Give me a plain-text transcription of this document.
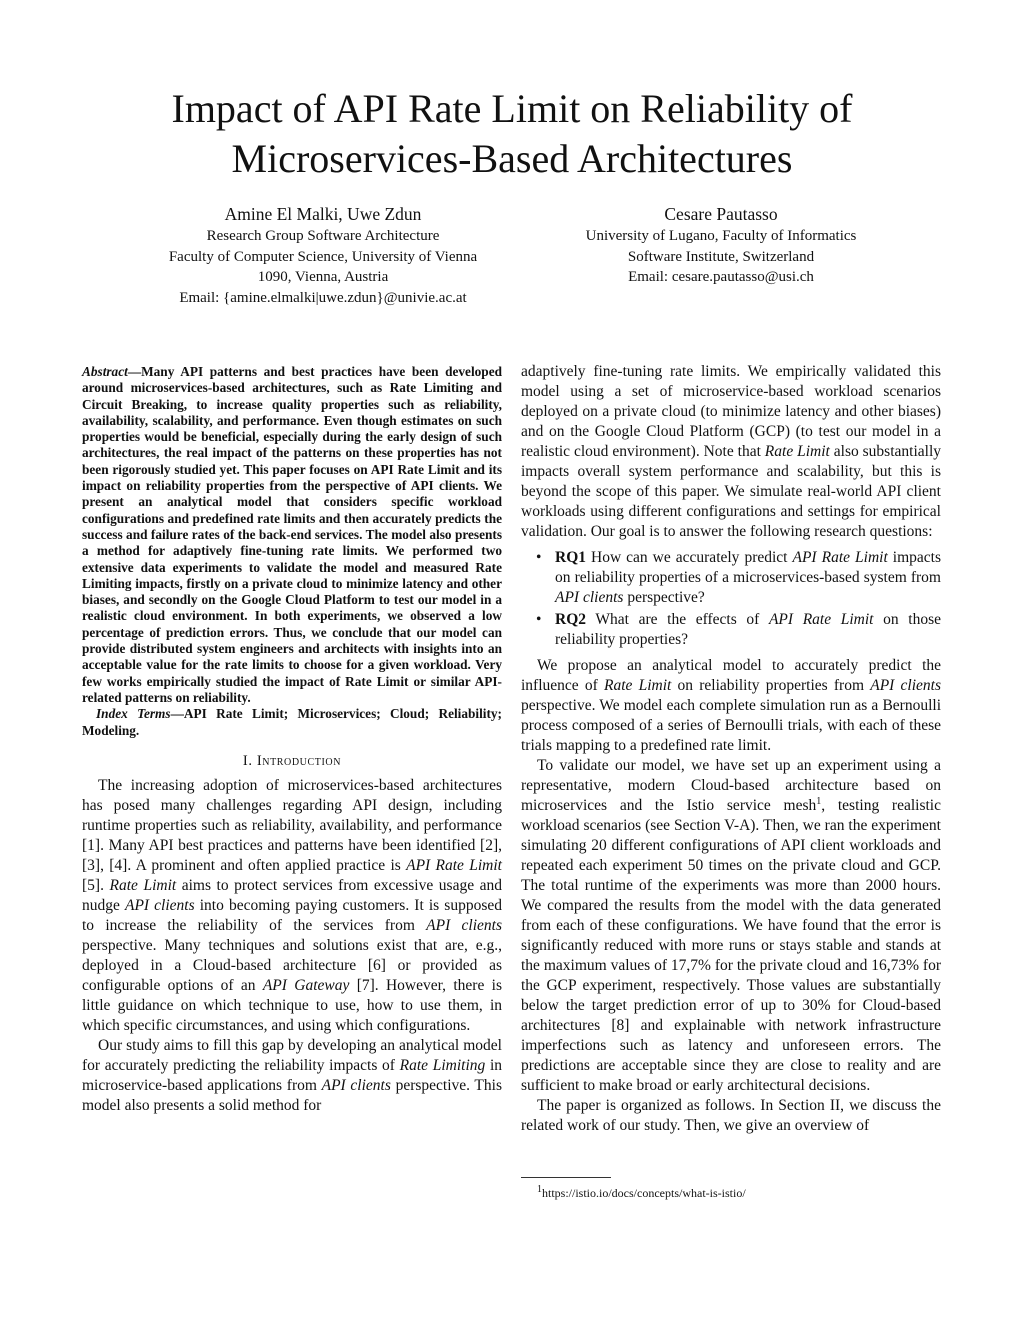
Impact of API Rate Limit on Reliability of
Microservices-Based Architectures
Amine El Malki, Uwe Zdun
Research Group Software Architecture
Faculty of Computer Science, University of Vienna
1090, Vienna, Austria
Email: {amine.elmalki|uwe.zdun}@univie.ac.at
Cesare Pautasso
University of Lugano, Faculty of Informatics
Software Institute, Switzerland
Email: cesare.pautasso@usi.ch

Abstract—Many API patterns and best practices have been developed around microservices-based architectures, such as Rate Limiting and Circuit Breaking, to increase quality properties such as reliability, availability, scalability, and performance. Even though estimates on such properties would be beneficial, especially during the early design of such architectures, the real impact of the patterns on these properties has not been rigorously studied yet. This paper focuses on API Rate Limit and its impact on reliability properties from the perspective of API clients. We present an analytical model that considers specific workload configurations and predefined rate limits and then accurately predicts the success and failure rates of the back-end services. The model also presents a method for adaptively fine-tuning rate limits. We performed two extensive data experiments to validate the model and measured Rate Limiting impacts, firstly on a private cloud to minimize latency and other biases, and secondly on the Google Cloud Platform to test our model in a realistic cloud environment. In both experiments, we observed a low percentage of prediction errors. Thus, we conclude that our model can provide distributed system engineers and architects with insights into an acceptable value for the rate limits to choose for a given workload. Very few works empirically studied the impact of Rate Limit or similar API-related patterns on reliability.

Index Terms—API Rate Limit; Microservices; Cloud; Reliability; Modeling.

I. Introduction

The increasing adoption of microservices-based architectures has posed many challenges regarding API design, including runtime properties such as reliability, availability, and performance [1]. Many API best practices and patterns have been identified [2], [3], [4]. A prominent and often applied practice is API Rate Limit [5]. Rate Limit aims to protect services from excessive usage and nudge API clients into becoming paying customers. It is supposed to increase the reliability of the services from API clients perspective. Many techniques and solutions exist that are, e.g., deployed in a Cloud-based architecture [6] or provided as configurable options of an API Gateway [7]. However, there is little guidance on which technique to use, how to use them, in which specific circumstances, and using which configurations.

Our study aims to fill this gap by developing an analytical model for accurately predicting the reliability impacts of Rate Limiting in microservice-based applications from API clients perspective. This model also presents a solid method for

adaptively fine-tuning rate limits. We empirically validated this model using a set of microservice-based workload scenarios deployed on a private cloud (to minimize latency and other biases) and on the Google Cloud Platform (GCP) (to test our model in a realistic cloud environment). Note that Rate Limit also substantially impacts overall system performance and scalability, but this is beyond the scope of this paper. We simulate real-world API client workloads using different configurations and settings for empirical validation. Our goal is to answer the following research questions:

• RQ1 How can we accurately predict API Rate Limit impacts on reliability properties of a microservices-based system from API clients perspective?
• RQ2 What are the effects of API Rate Limit on those reliability properties?

We propose an analytical model to accurately predict the influence of Rate Limit on reliability properties from API clients perspective. We model each complete simulation run as a Bernoulli process composed of a series of Bernoulli trials, with each of these trials mapping to a predefined rate limit.

To validate our model, we have set up an experiment using a representative, modern Cloud-based architecture based on microservices and the Istio service mesh$^1$, testing realistic workload scenarios (see Section V-A). Then, we ran the experiment simulating 20 different configurations of API client workloads and repeated each experiment 50 times on the private cloud and GCP. The total runtime of the experiments was more than 2000 hours. We compared the results from the model with the data generated from each of these configurations. We have found that the error is significantly reduced with more runs or stays stable and stands at the maximum values of 17,7% for the private cloud and 16,73% for the GCP experiment, respectively. Those values are substantially below the target prediction error of up to 30% for Cloud-based architectures [8] and explainable with network infrastructure imperfections such as latency and unforeseen errors. The predictions are acceptable since they are close to reality and are sufficient to make broad or early architectural decisions.

The paper is organized as follows. In Section II, we discuss the related work of our study. Then, we give an overview of

$^1$https://istio.io/docs/concepts/what-is-istio/
